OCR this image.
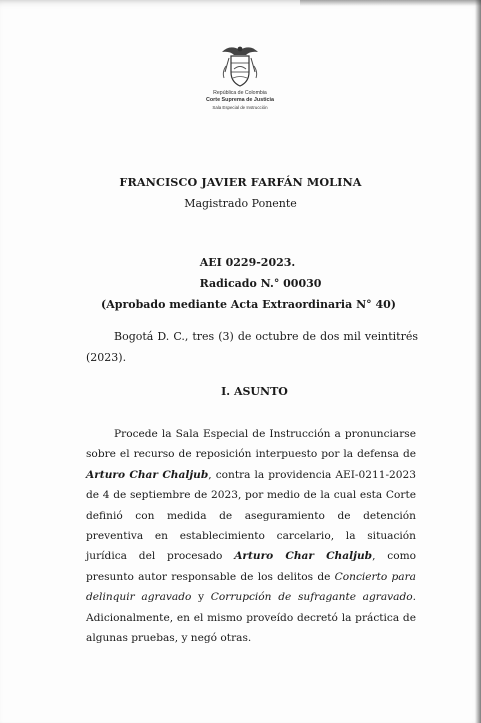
República de Colombia
Corte Suprema de Justicia
Sala Especial de Instrucción
FRANCISCO JAVIER FARFÁN MOLINA
Magistrado Ponente
AEI 0229-2023.
Radicado N.° 00030
(Aprobado mediante Acta Extraordinaria N° 40)
Bogotá D. C., tres (3) de octubre de dos mil veintitrés (2023).
I. ASUNTO
Procede la Sala Especial de Instrucción a pronunciarse sobre el recurso de reposición interpuesto por la defensa de Arturo Char Chaljub, contra la providencia AEI-0211-2023 de 4 de septiembre de 2023, por medio de la cual esta Corte definió con medida de aseguramiento de detención preventiva en establecimiento carcelario, la situación jurídica del procesado Arturo Char Chaljub, como presunto autor responsable de los delitos de Concierto para delinquir agravado y Corrupción de sufragante agravado. Adicionalmente, en el mismo proveído decretó la práctica de algunas pruebas, y negó otras.
